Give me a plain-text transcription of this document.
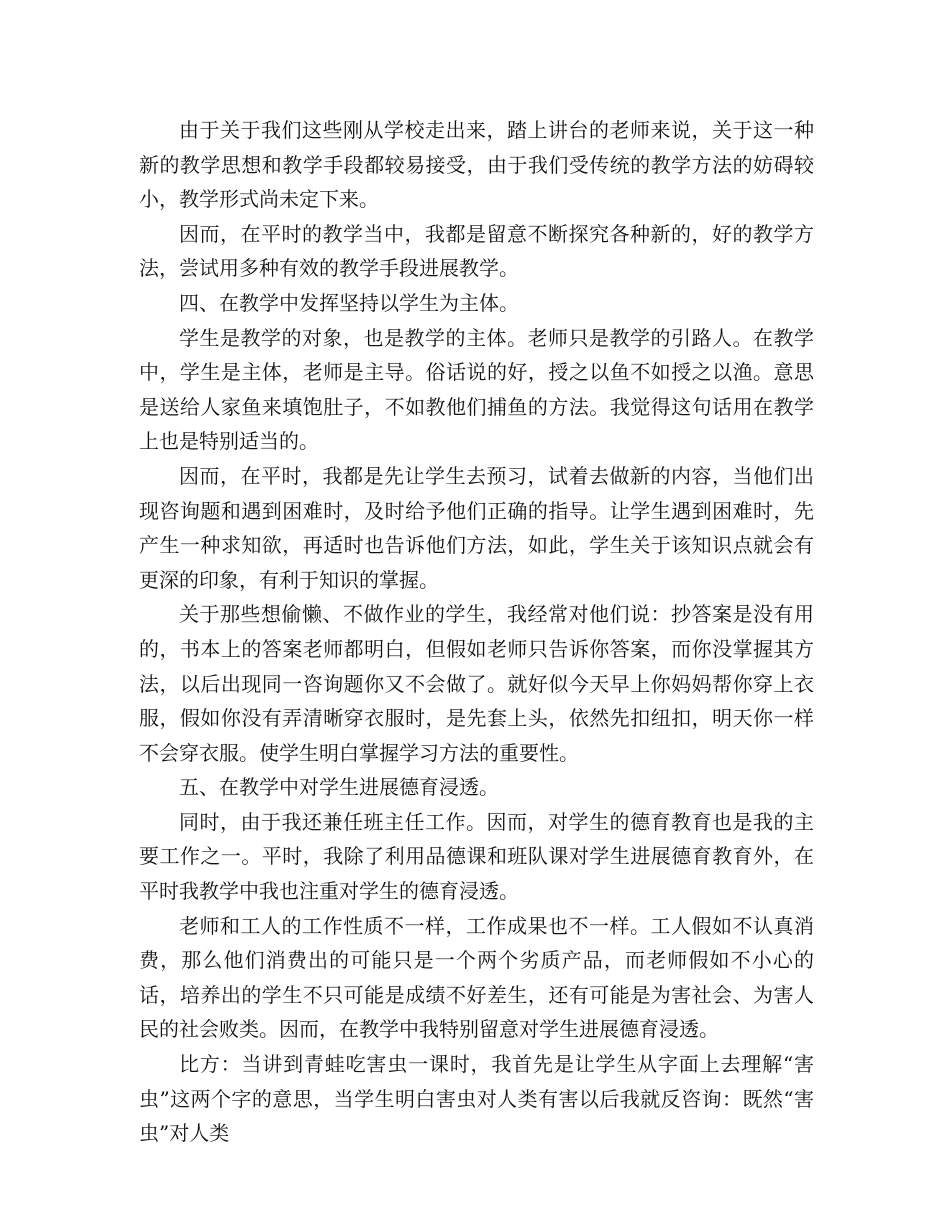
由于关于我们这些刚从学校走出来，踏上讲台的老师来说，关于这一种新的教学思想和教学手段都较易接受，由于我们受传统的教学方法的妨碍较小，教学形式尚未定下来。

因而，在平时的教学当中，我都是留意不断探究各种新的，好的教学方法，尝试用多种有效的教学手段进展教学。

四、在教学中发挥坚持以学生为主体。

学生是教学的对象，也是教学的主体。老师只是教学的引路人。在教学中，学生是主体，老师是主导。俗话说的好，授之以鱼不如授之以渔。意思是送给人家鱼来填饱肚子，不如教他们捕鱼的方法。我觉得这句话用在教学上也是特别适当的。

因而，在平时，我都是先让学生去预习，试着去做新的内容，当他们出现咨询题和遇到困难时，及时给予他们正确的指导。让学生遇到困难时，先产生一种求知欲，再适时也告诉他们方法，如此，学生关于该知识点就会有更深的印象，有利于知识的掌握。

关于那些想偷懒、不做作业的学生，我经常对他们说：抄答案是没有用的，书本上的答案老师都明白，但假如老师只告诉你答案，而你没掌握其方法，以后出现同一咨询题你又不会做了。就好似今天早上你妈妈帮你穿上衣服，假如你没有弄清晰穿衣服时，是先套上头，依然先扣纽扣，明天你一样不会穿衣服。使学生明白掌握学习方法的重要性。

五、在教学中对学生进展德育浸透。

同时，由于我还兼任班主任工作。因而，对学生的德育教育也是我的主要工作之一。平时，我除了利用品德课和班队课对学生进展德育教育外，在平时我教学中我也注重对学生的德育浸透。

老师和工人的工作性质不一样，工作成果也不一样。工人假如不认真消费，那么他们消费出的可能只是一个两个劣质产品，而老师假如不小心的话，培养出的学生不只可能是成绩不好差生，还有可能是为害社会、为害人民的社会败类。因而，在教学中我特别留意对学生进展德育浸透。

比方：当讲到青蛙吃害虫一课时，我首先是让学生从字面上去理解“害虫”这两个字的意思，当学生明白害虫对人类有害以后我就反咨询：既然“害虫”对人类
